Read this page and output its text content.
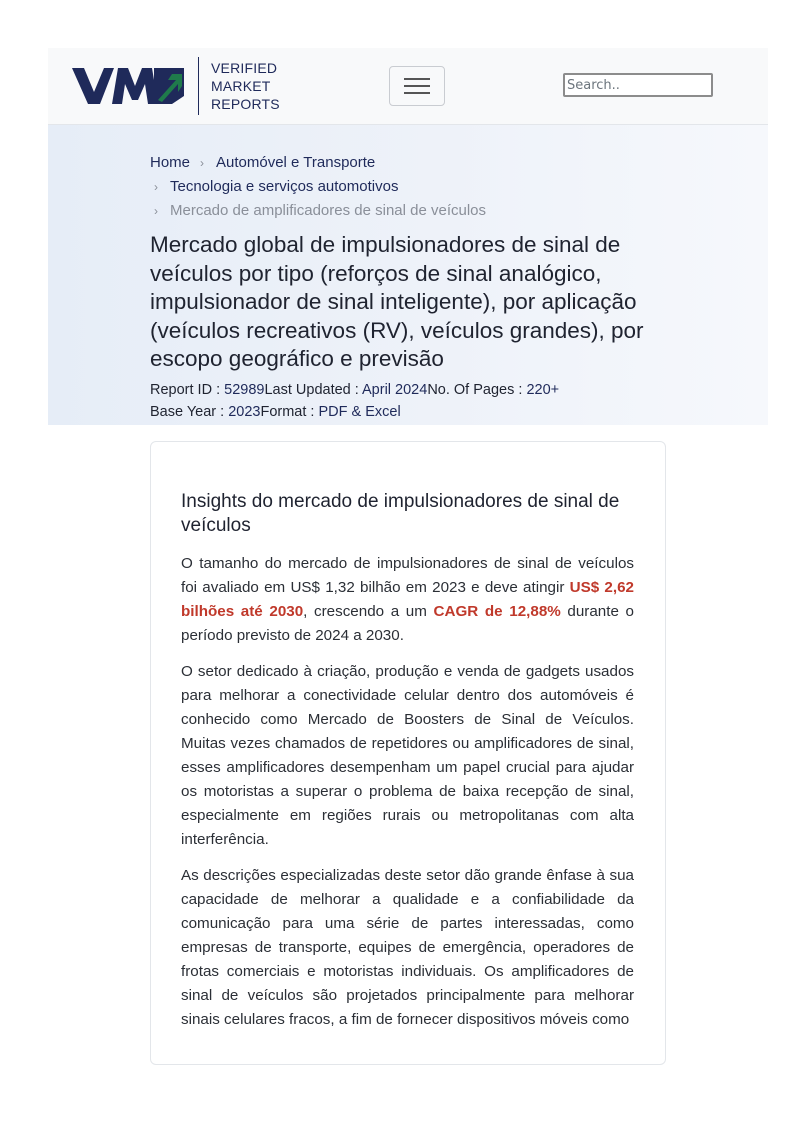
VERIFIED
MARKET
REPORTS
Search..
Home › Automóvel e Transporte
› Tecnologia e serviços automotivos
› Mercado de amplificadores de sinal de veículos
Mercado global de impulsionadores de sinal de veículos por tipo (reforços de sinal analógico, impulsionador de sinal inteligente), por aplicação (veículos recreativos (RV), veículos grandes), por escopo geográfico e previsão
Report ID : 52989Last Updated : April 2024No. Of Pages : 220+
Base Year : 2023Format : PDF & Excel
Insights do mercado de impulsionadores de sinal de veículos

O tamanho do mercado de impulsionadores de sinal de veículos foi avaliado em US$ 1,32 bilhão em 2023 e deve atingir US$ 2,62 bilhões até 2030, crescendo a um CAGR de 12,88% durante o período previsto de 2024 a 2030.

O setor dedicado à criação, produção e venda de gadgets usados para melhorar a conectividade celular dentro dos automóveis é conhecido como Mercado de Boosters de Sinal de Veículos. Muitas vezes chamados de repetidores ou amplificadores de sinal, esses amplificadores desempenham um papel crucial para ajudar os motoristas a superar o problema de baixa recepção de sinal, especialmente em regiões rurais ou metropolitanas com alta interferência.

As descrições especializadas deste setor dão grande ênfase à sua capacidade de melhorar a qualidade e a confiabilidade da comunicação para uma série de partes interessadas, como empresas de transporte, equipes de emergência, operadores de frotas comerciais e motoristas individuais. Os amplificadores de sinal de veículos são projetados principalmente para melhorar sinais celulares fracos, a fim de fornecer dispositivos móveis como
